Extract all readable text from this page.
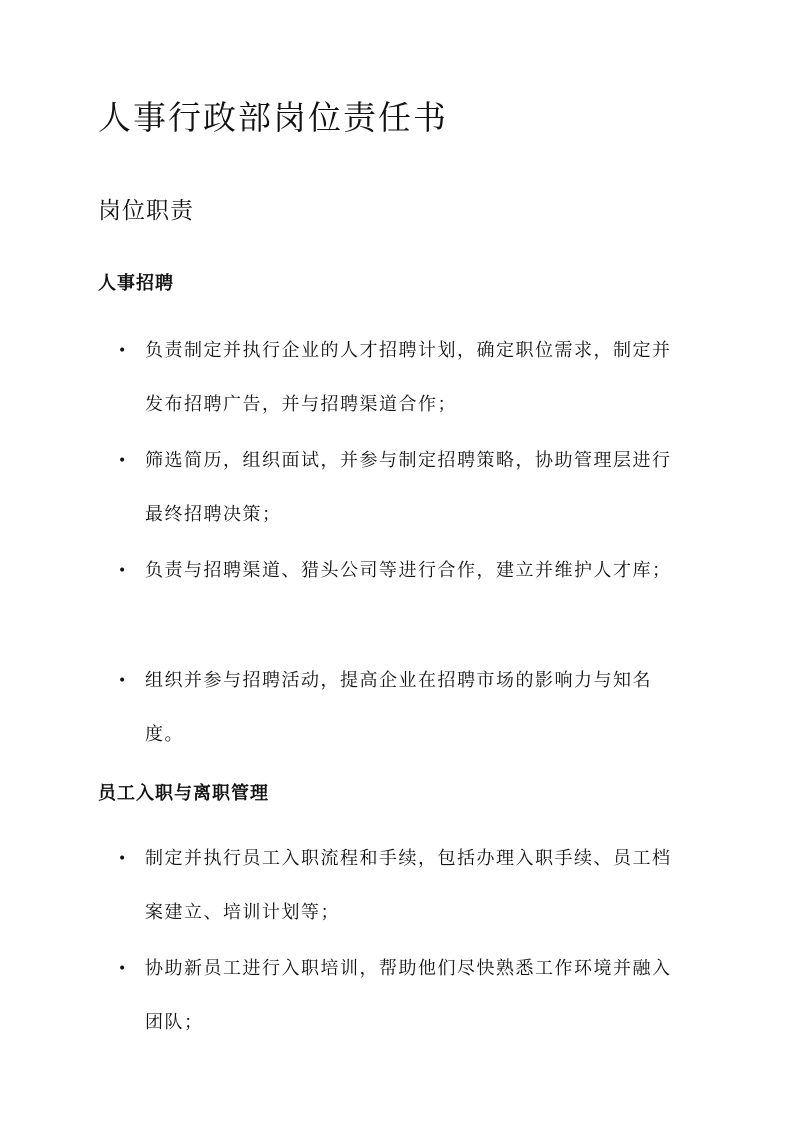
人事行政部岗位责任书
岗位职责
人事招聘
• 负责制定并执行企业的人才招聘计划，确定职位需求，制定并发布招聘广告，并与招聘渠道合作；
• 筛选简历，组织面试，并参与制定招聘策略，协助管理层进行最终招聘决策；
• 负责与招聘渠道、猎头公司等进行合作，建立并维护人才库；
• 组织并参与招聘活动，提高企业在招聘市场的影响力与知名度。
员工入职与离职管理
• 制定并执行员工入职流程和手续，包括办理入职手续、员工档案建立、培训计划等；
• 协助新员工进行入职培训，帮助他们尽快熟悉工作环境并融入团队；
